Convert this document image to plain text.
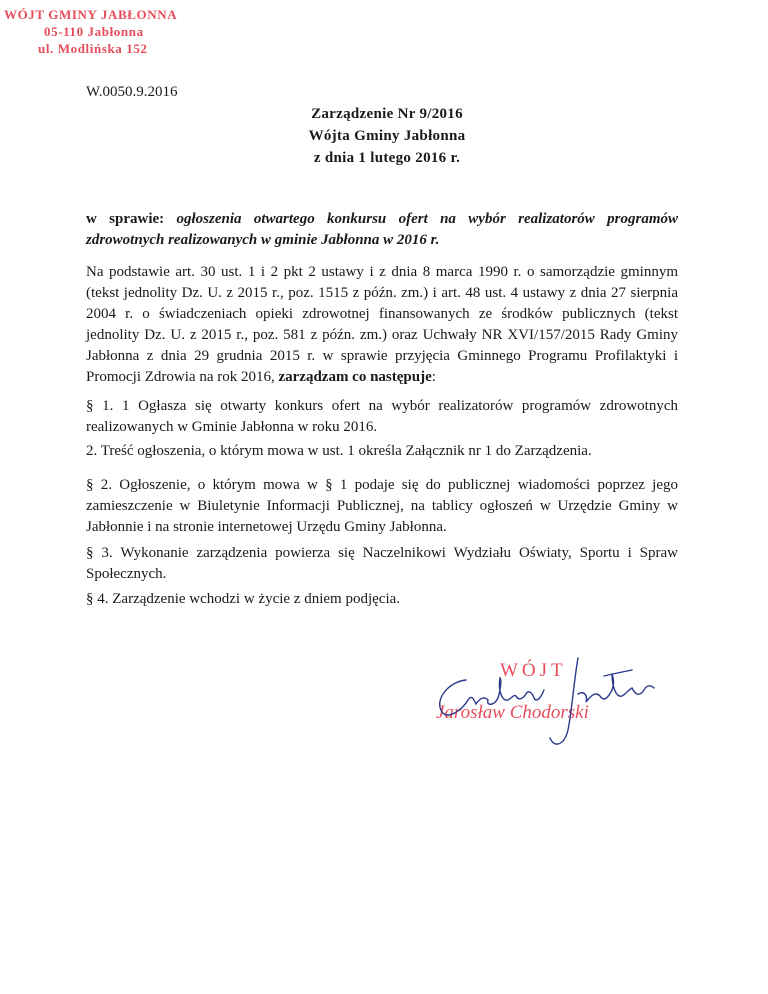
WÓJT GMINY JABŁONNA
05-110 Jabłonna
ul. Modlińska 152
W.0050.9.2016
Zarządzenie Nr 9/2016
Wójta Gminy Jabłonna
z dnia 1 lutego 2016 r.
w sprawie: ogłoszenia otwartego konkursu ofert na wybór realizatorów programów zdrowotnych realizowanych w gminie Jabłonna w 2016 r.
Na podstawie art. 30 ust. 1 i 2 pkt 2 ustawy i z dnia 8 marca 1990 r. o samorządzie gminnym (tekst jednolity Dz. U. z 2015 r., poz. 1515 z późn. zm.) i art. 48 ust. 4 ustawy z dnia 27 sierpnia 2004 r. o świadczeniach opieki zdrowotnej finansowanych ze środków publicznych (tekst jednolity Dz. U. z 2015 r., poz. 581 z późn. zm.) oraz Uchwały NR XVI/157/2015 Rady Gminy Jabłonna z dnia 29 grudnia 2015 r. w sprawie przyjęcia Gminnego Programu Profilaktyki i Promocji Zdrowia na rok 2016, zarządzam co następuje:
§ 1. 1 Ogłasza się otwarty konkurs ofert na wybór realizatorów programów zdrowotnych realizowanych w Gminie Jabłonna w roku 2016.
2. Treść ogłoszenia, o którym mowa w ust. 1 określa Załącznik nr 1 do Zarządzenia.
§ 2. Ogłoszenie, o którym mowa w § 1 podaje się do publicznej wiadomości poprzez jego zamieszczenie w Biuletynie Informacji Publicznej, na tablicy ogłoszeń w Urzędzie Gminy w Jabłonnie i na stronie internetowej Urzędu Gminy Jabłonna.
§ 3. Wykonanie zarządzenia powierza się Naczelnikowi Wydziału Oświaty, Sportu i Spraw Społecznych.
§ 4. Zarządzenie wchodzi w życie z dniem podjęcia.
WÓJT
Jarosław Chodorski
